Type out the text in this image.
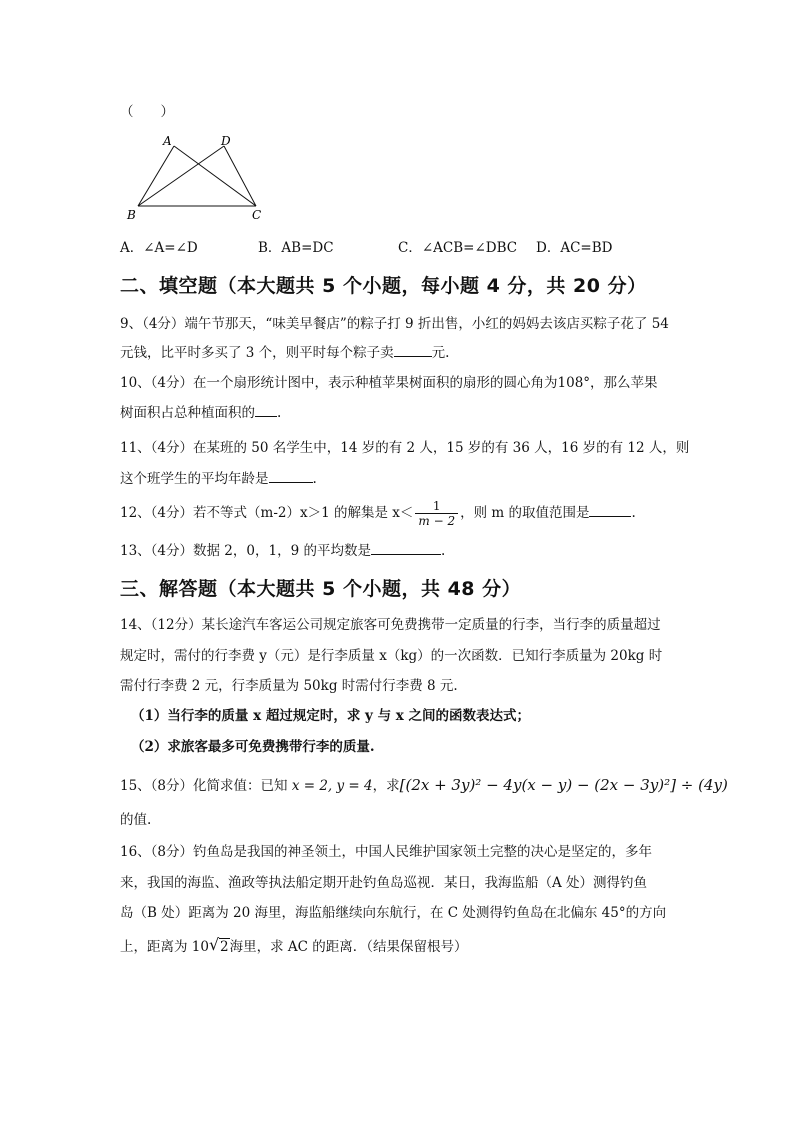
（　　）
A	D
B	C
A．∠A=∠D	B．AB=DC	C．∠ACB=∠DBC D．AC=BD
二、填空题（本大题共 5 个小题，每小题 4 分，共 20 分）
9、（4分）端午节那天，“味美早餐店”的粽子打 9 折出售，小红的妈妈去该店买粽子花了 54
元钱，比平时多买了 3 个，则平时每个粽子卖	元.
10、（4分）在一个扇形统计图中，表示种植苹果树面积的扇形的圆心角为108°，那么苹果
树面积占总种植面积的 .
11、（4分）在某班的 50 名学生中，14 岁的有 2 人，15 岁的有 36 人，16 岁的有 12 人，则
这个班学生的平均年龄是	.
12、（4分）若不等式（m-2）x＞1 的解集是 $x< \frac{1}{m - 2}$ ，则 m 的取值范围是	.
13、（4分）数据 2，0，1，9 的平均数是	.
三、解答题（本大题共 5 个小题，共 48 分）
14、（12分）某长途汽车客运公司规定旅客可免费携带一定质量的行李，当行李的质量超过
规定时，需付的行李费 y（元）是行李质量 x（kg）的一次函数．已知行李质量为 20kg 时
需付行李费 2 元，行李质量为 50kg 时需付行李费 8 元.
（1）当行李的质量 x 超过规定时，求 y 与 x 之间的函数表达式；
（2）求旅客最多可免费携带行李的质量.
15、（8分）化简求值：已知 x = 2, y = 4，求[(2x + 3y)² − 4y(x − y) − (2x − 3y)²] ÷ (4y)
的值.
16、（8分）钓鱼岛是我国的神圣领土，中国人民维护国家领土完整的决心是坚定的，多年
来，我国的海监、渔政等执法船定期开赴钓鱼岛巡视．某日，我海监船（A 处）测得钓鱼
岛（B 处）距离为 20 海里，海监船继续向东航行，在 C 处测得钓鱼岛在北偏东 45°的方向
上，距离为 10 √ 2海里，求 AC 的距离．（结果保留根号）
